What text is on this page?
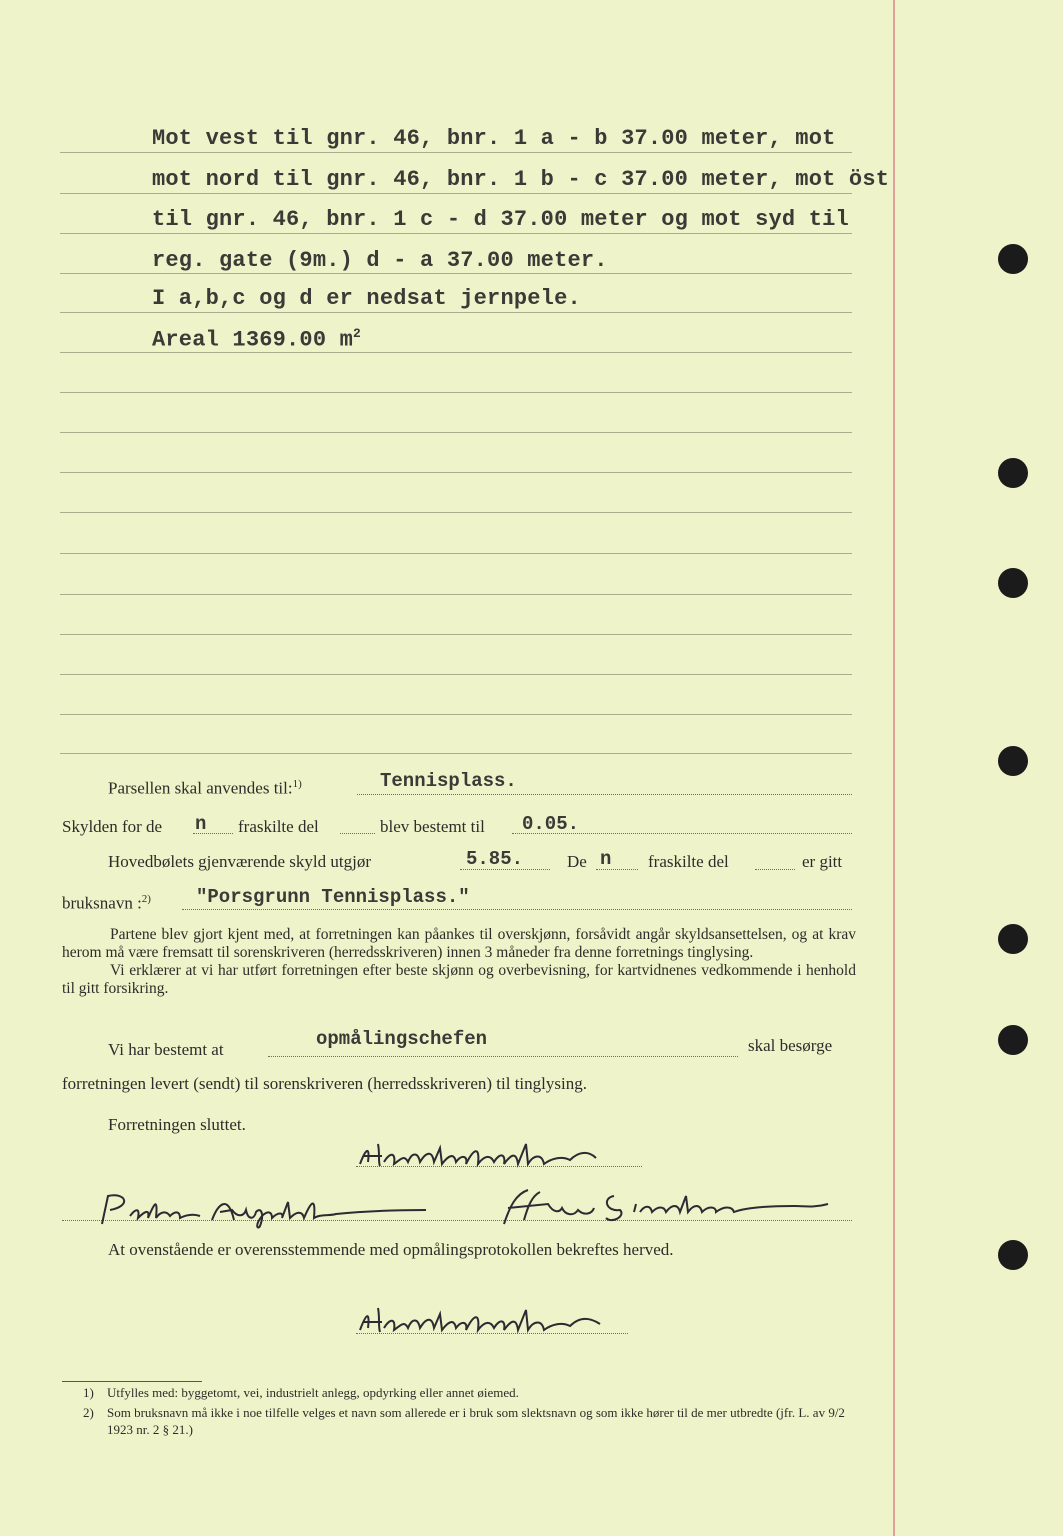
Mot vest til gnr. 46, bnr. 1 a - b 37.00 meter, mot
mot nord til gnr. 46, bnr. 1 b - c 37.00 meter, mot öst
til gnr. 46, bnr. 1 c - d 37.00 meter og mot syd til
reg. gate (9m.) d - a 37.00 meter.
I a,b,c og d er nedsat jernpele.
Areal 1369.00 $m^2$
Parsellen skal anvendes til:$^{1)}$	Tennisplass.
Skylden for de n fraskilte del	blev bestemt til 0.05.
Hovedbølets gjenværende skyld utgjør	5.85.	De n fraskilte del	er gitt
bruksnavn :$^{2)}$ "Porsgrunn Tennisplass."

Partene blev gjort kjent med, at forretningen kan påankes til overskjønn, forsåvidt angår skyldsansettelsen, og at krav herom må være fremsatt til sorenskriveren (herredsskriveren) innen 3 måneder fra denne forretnings tinglysing.

Vi erklærer at vi har utført forretningen efter beste skjønn og overbevisning, for kartvidnenes vedkommende i henhold til gitt forsikring.

Vi har bestemt at	opmålingschefen	skal besørge
forretningen levert (sendt) til sorenskriveren (herredsskriveren) til tinglysing.
Forretningen sluttet.
At ovenstående er overensstemmende med opmålingsprotokollen bekreftes herved.
1) Utfylles med: byggetomt, vei, industrielt anlegg, opdyrking eller annet øiemed.
2) Som bruksnavn må ikke i noe tilfelle velges et navn som allerede er i bruk som slektsnavn og som ikke hører til de mer utbredte (jfr. L. av 9/2 1923 nr. 2 § 21.)
